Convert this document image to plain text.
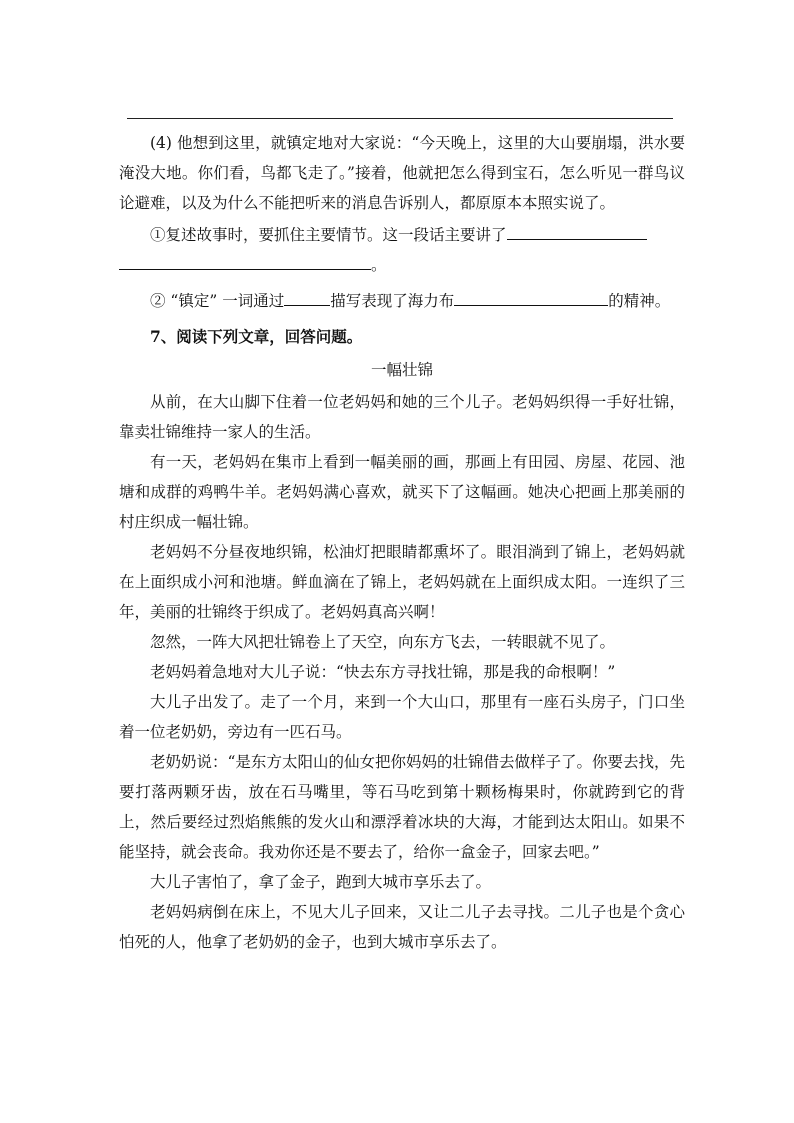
(4) 他想到这里，就镇定地对大家说：“今天晚上，这里的大山要崩塌，洪水要淹没大地。你们看，鸟都飞走了。”接着，他就把怎么得到宝石，怎么听见一群鸟议论避难，以及为什么不能把听来的消息告诉别人，都原原本本照实说了。

①复述故事时，要抓住主要情节。这一段话主要讲了

。

② “镇定” 一词通过	描写表现了海力布	的精神。

7、阅读下列文章，回答问题。

一幅壮锦

从前，在大山脚下住着一位老妈妈和她的三个儿子。老妈妈织得一手好壮锦，靠卖壮锦维持一家人的生活。

有一天，老妈妈在集市上看到一幅美丽的画，那画上有田园、房屋、花园、池塘和成群的鸡鸭牛羊。老妈妈满心喜欢，就买下了这幅画。她决心把画上那美丽的村庄织成一幅壮锦。

老妈妈不分昼夜地织锦，松油灯把眼睛都熏坏了。眼泪淌到了锦上，老妈妈就在上面织成小河和池塘。鲜血滴在了锦上，老妈妈就在上面织成太阳。一连织了三年，美丽的壮锦终于织成了。老妈妈真高兴啊！

忽然，一阵大风把壮锦卷上了天空，向东方飞去，一转眼就不见了。

老妈妈着急地对大儿子说：“快去东方寻找壮锦，那是我的命根啊！”

大儿子出发了。走了一个月，来到一个大山口，那里有一座石头房子，门口坐着一位老奶奶，旁边有一匹石马。

老奶奶说：“是东方太阳山的仙女把你妈妈的壮锦借去做样子了。你要去找，先要打落两颗牙齿，放在石马嘴里，等石马吃到第十颗杨梅果时，你就跨到它的背上，然后要经过烈焰熊熊的发火山和漂浮着冰块的大海，才能到达太阳山。如果不能坚持，就会丧命。我劝你还是不要去了，给你一盒金子，回家去吧。”

大儿子害怕了，拿了金子，跑到大城市享乐去了。

老妈妈病倒在床上，不见大儿子回来，又让二儿子去寻找。二儿子也是个贪心怕死的人，他拿了老奶奶的金子，也到大城市享乐去了。
